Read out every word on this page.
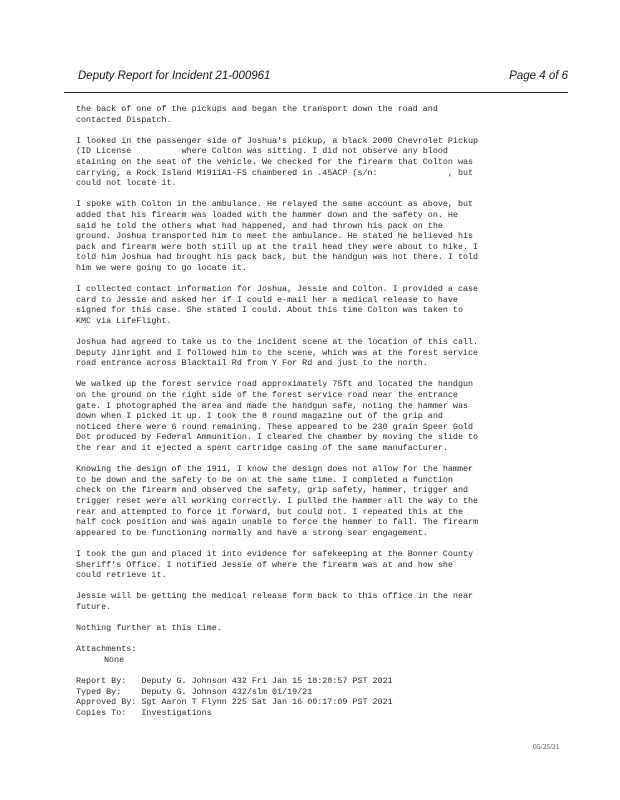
Deputy Report for Incident 21-000961	Page 4 of 6

the back of one of the pickups and began the transport down the road and
contacted Dispatch.

I looked in the passenger side of Joshua's pickup, a black 2000 Chevrolet Pickup
(ID License          where Colton was sitting. I did not observe any blood
staining on the seat of the vehicle. We checked for the firearm that Colton was
carrying, a Rock Island M1911A1-FS chambered in .45ACP (s/n:              , but
could not locate it.

I spoke with Colton in the ambulance. He relayed the same account as above, but
added that his firearm was loaded with the hammer down and the safety on. He
said he told the others what had happened, and had thrown his pack on the
ground. Joshua transported him to meet the ambulance. He stated he believed his
pack and firearm were both still up at the trail head they were about to hike. I
told him Joshua had brought his pack back, but the handgun was not there. I told
him we were going to go locate it.

I collected contact information for Joshua, Jessie and Colton. I provided a case
card to Jessie and asked her if I could e-mail her a medical release to have
signed for this case. She stated I could. About this time Colton was taken to
KMC via LifeFlight.

Joshua had agreed to take us to the incident scene at the location of this call.
Deputy Jinright and I followed him to the scene, which was at the forest service
road entrance across Blacktail Rd from Y For Rd and just to the north.

We walked up the forest service road approximately 75ft and located the handgun
on the ground on the right side of the forest service road near the entrance
gate. I photographed the area and made the handgun safe, noting the hammer was
down when I picked it up. I took the 8 round magazine out of the grip and
noticed there were 6 round remaining. These appeared to be 230 grain Speer Gold
Dot produced by Federal Ammunition. I cleared the chamber by moving the slide to
the rear and it ejected a spent cartridge casing of the same manufacturer.

Knowing the design of the 1911, I know the design does not allow for the hammer
to be down and the safety to be on at the same time. I completed a function
check on the firearm and observed the safety, grip safety, hammer, trigger and
trigger reset were all working correctly. I pulled the hammer all the way to the
rear and attempted to force it forward, but could not. I repeated this at the
half cock position and was again unable to force the hammer to fall. The firearm
appeared to be functioning normally and have a strong sear engagement.

I took the gun and placed it into evidence for safekeeping at the Bonner County
Sheriff's Office. I notified Jessie of where the firearm was at and how she
could retrieve it.

Jessie will be getting the medical release form back to this office in the near
future.

Nothing further at this time.

Attachments:
None
Report By:   Deputy G. Johnson 432 Fri Jan 15 18:28:57 PST 2021
Typed By:    Deputy G. Johnson 432/slm 01/19/21
Approved By: Sgt Aaron T Flynn 225 Sat Jan 16 00:17:09 PST 2021
Copies To:   Investigations
05/25/21
